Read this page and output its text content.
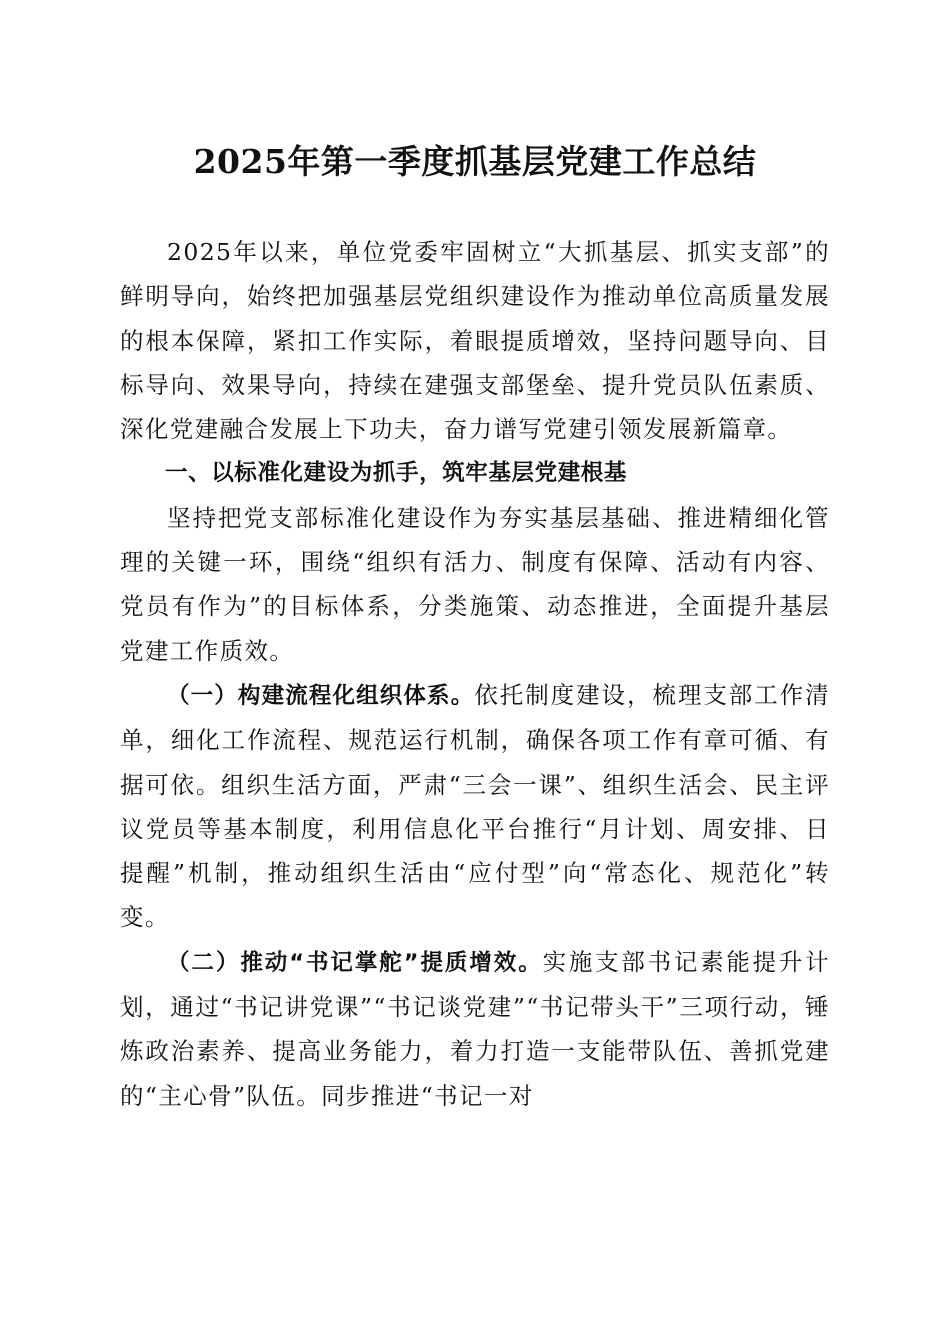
2025年第一季度抓基层党建工作总结

2025年以来，单位党委牢固树立“大抓基层、抓实支部”的鲜明导向，始终把加强基层党组织建设作为推动单位高质量发展的根本保障，紧扣工作实际，着眼提质增效，坚持问题导向、目标导向、效果导向，持续在建强支部堡垒、提升党员队伍素质、深化党建融合发展上下功夫，奋力谱写党建引领发展新篇章。

一、以标准化建设为抓手，筑牢基层党建根基

坚持把党支部标准化建设作为夯实基层基础、推进精细化管理的关键一环，围绕“组织有活力、制度有保障、活动有内容、党员有作为”的目标体系，分类施策、动态推进，全面提升基层党建工作质效。

（一）构建流程化组织体系。依托制度建设，梳理支部工作清单，细化工作流程、规范运行机制，确保各项工作有章可循、有据可依。组织生活方面，严肃“三会一课”、组织生活会、民主评议党员等基本制度，利用信息化平台推行“月计划、周安排、日提醒”机制，推动组织生活由“应付型”向“常态化、规范化”转变。

（二）推动“书记掌舵”提质增效。实施支部书记素能提升计划，通过“书记讲党课”“书记谈党建”“书记带头干”三项行动，锤炼政治素养、提高业务能力，着力打造一支能带队伍、善抓党建的“主心骨”队伍。同步推进“书记一对
